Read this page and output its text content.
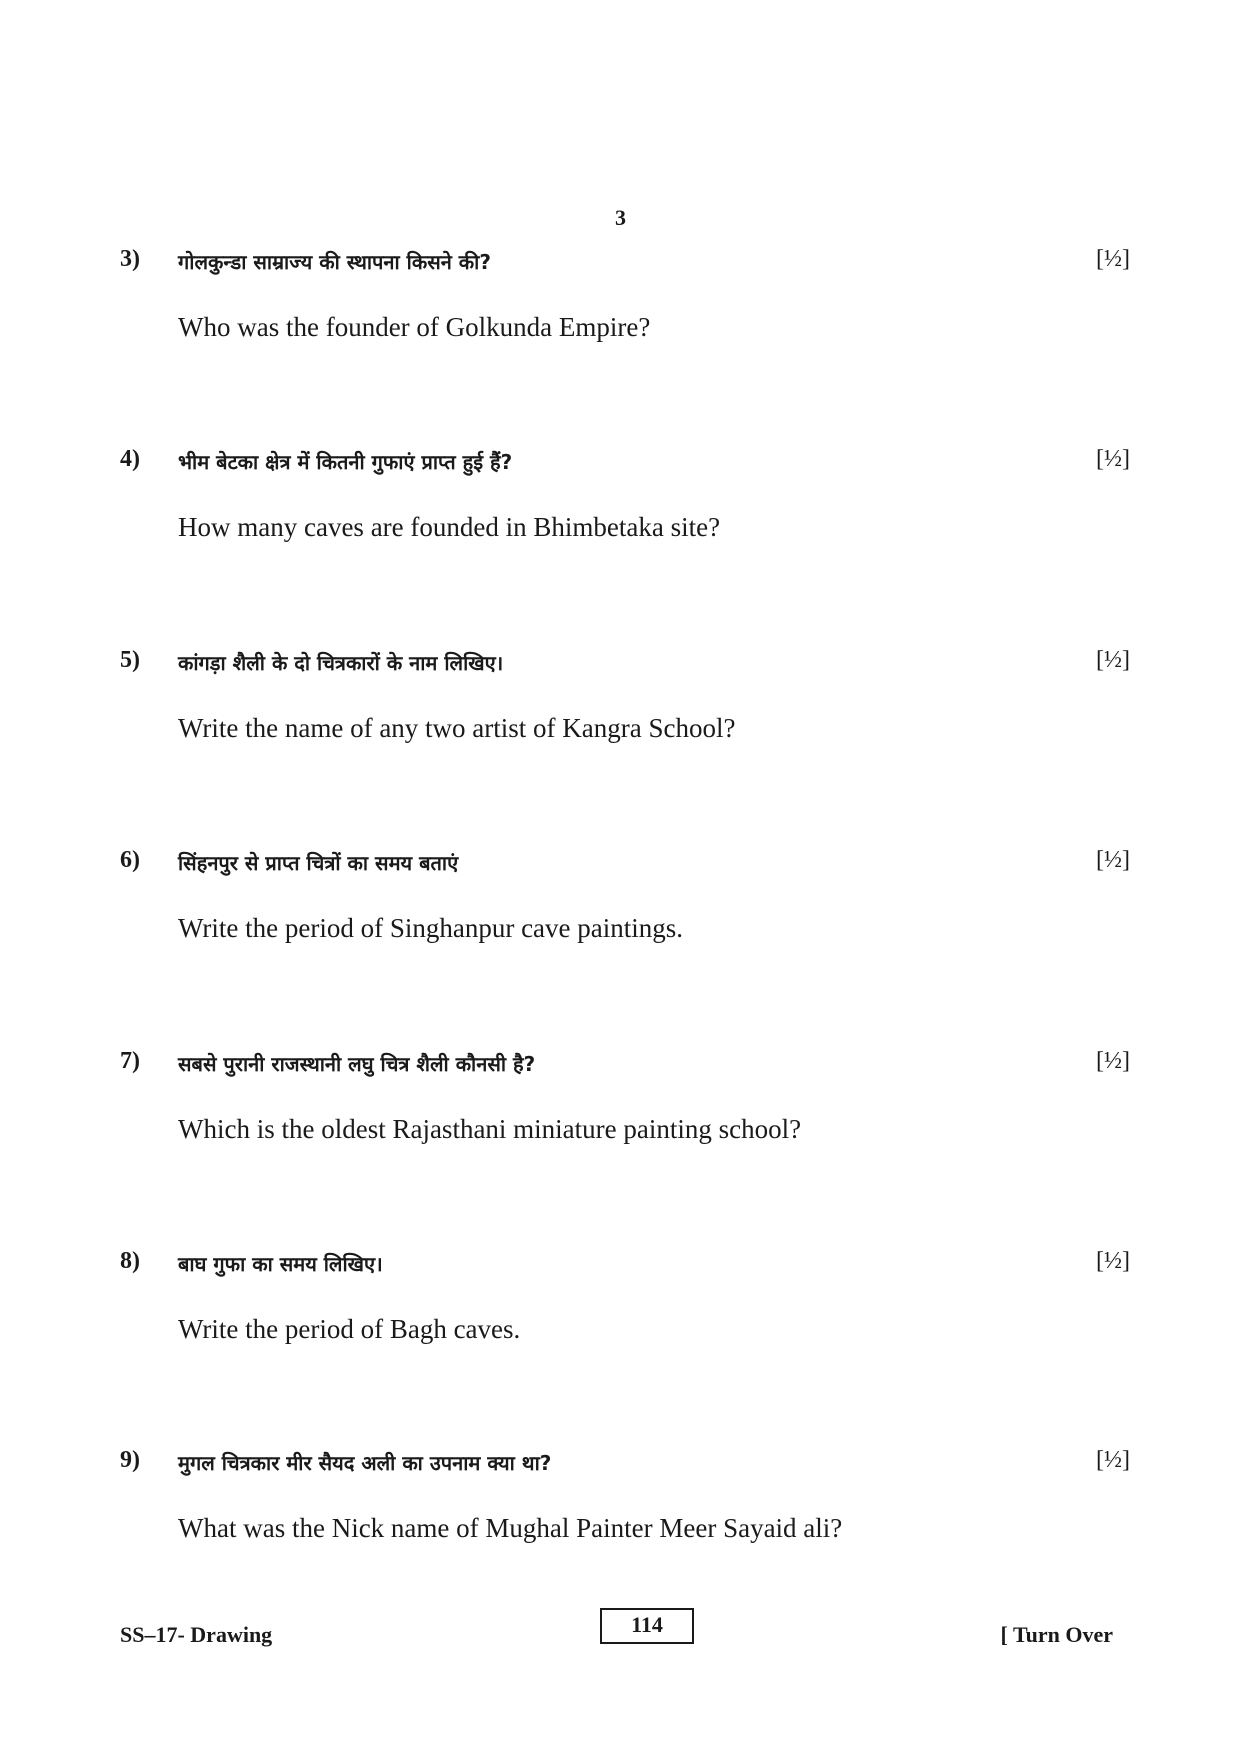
3
3) गोलकुन्डा साम्राज्य की स्थापना किसने की?	[½]
Who was the founder of Golkunda Empire?
4) भीम बेटका क्षेत्र में कितनी गुफाएं प्राप्त हुई हैं?	[½]
How many caves are founded in Bhimbetaka site?
5) कांगड़ा शैली के दो चित्रकारों के नाम लिखिए।	[½]
Write the name of any two artist of Kangra School?
6) सिंहनपुर से प्राप्त चित्रों का समय बताएं	[½]
Write the period of Singhanpur cave paintings.
7) सबसे पुरानी राजस्थानी लघु चित्र शैली कौनसी है?	[½]
Which is the oldest Rajasthani miniature painting school?
8) बाघ गुफा का समय लिखिए।	[½]
Write the period of Bagh caves.
9) मुगल चित्रकार मीर सैयद अली का उपनाम क्या था?	[½]
What was the Nick name of Mughal Painter Meer Sayaid ali?
SS–17- Drawing	114	[ Turn Over
